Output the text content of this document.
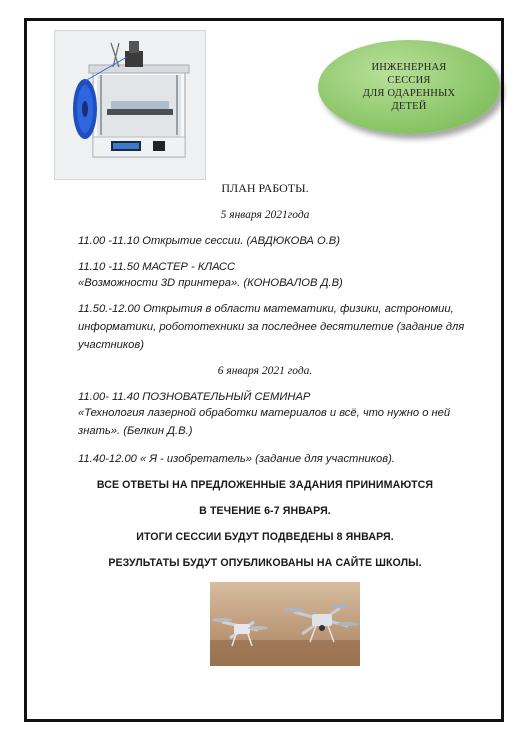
ИНЖЕНЕРНАЯ
СЕССИЯ
ДЛЯ ОДАРЕННЫХ
ДЕТЕЙ
ПЛАН РАБОТЫ.
5 января 2021года
11.00 -11.10 Открытие сессии. (АВДЮКОВА О.В)
11.10 -11.50 МАСТЕР - КЛАСС
«Возможности 3D принтера». (КОНОВАЛОВ Д.В)
11.50.-12.00 Открытия в области математики, физики, астрономии,
информатики, робототехники за последнее десятилетие (задание для
участников)
6 января 2021 года.
11.00- 11.40 ПОЗНОВАТЕЛЬНЫЙ СЕМИНАР
«Технология лазерной обработки материалов и всё, что нужно о ней
знать». (Белкин Д.В.)
11.40-12.00 « Я - изобретатель» (задание для участников).
ВСЕ ОТВЕТЫ НА ПРЕДЛОЖЕННЫЕ ЗАДАНИЯ ПРИНИМАЮТСЯ
В ТЕЧЕНИЕ 6-7 ЯНВАРЯ.
ИТОГИ СЕССИИ БУДУТ ПОДВЕДЕНЫ 8 ЯНВАРЯ.
РЕЗУЛЬТАТЫ БУДУТ ОПУБЛИКОВАНЫ НА САЙТЕ ШКОЛЫ.
